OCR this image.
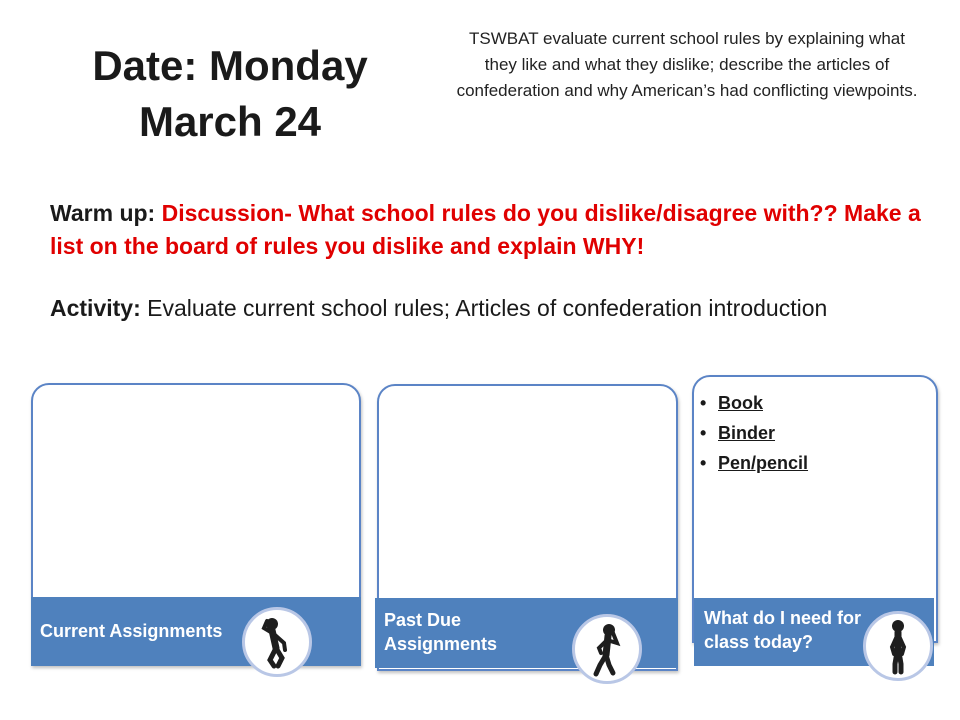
Date: Monday
March 24
TSWBAT evaluate current school rules by explaining what they like and what they dislike; describe the articles of confederation and why American’s had conflicting viewpoints.
Warm up: Discussion- What school rules do you dislike/disagree with?? Make a list on the board of rules you dislike and explain WHY!
Activity: Evaluate current school rules; Articles of confederation introduction
Current Assignments
Past Due Assignments
• Book
• Binder
• Pen/pencil
What do I need for class today?
